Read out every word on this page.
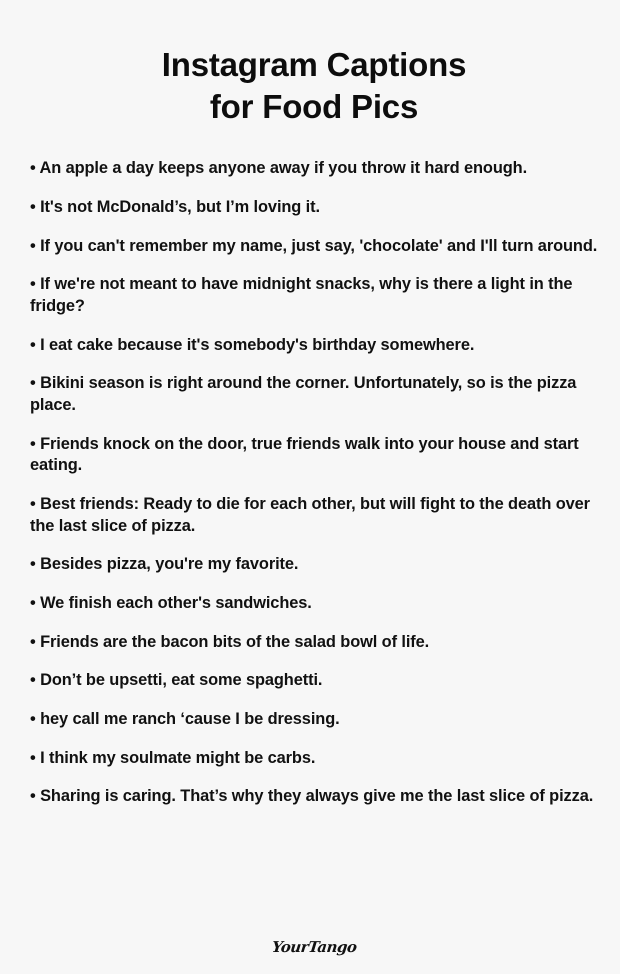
Instagram Captions
for Food Pics
• An apple a day keeps anyone away if you throw it hard enough.
• It's not McDonald’s, but I’m loving it.
• If you can't remember my name, just say, 'chocolate' and I'll turn around.
• If we're not meant to have midnight snacks, why is there a light in the fridge?
• I eat cake because it's somebody's birthday somewhere.
• Bikini season is right around the corner. Unfortunately, so is the pizza place.
• Friends knock on the door, true friends walk into your house and start eating.
• Best friends: Ready to die for each other, but will fight to the death over the last slice of pizza.
• Besides pizza, you're my favorite.
• We finish each other's sandwiches.
• Friends are the bacon bits of the salad bowl of life.
• Don’t be upsetti, eat some spaghetti.
• hey call me ranch ‘cause I be dressing.
• I think my soulmate might be carbs.
• Sharing is caring. That’s why they always give me the last slice of pizza.
YourTango
